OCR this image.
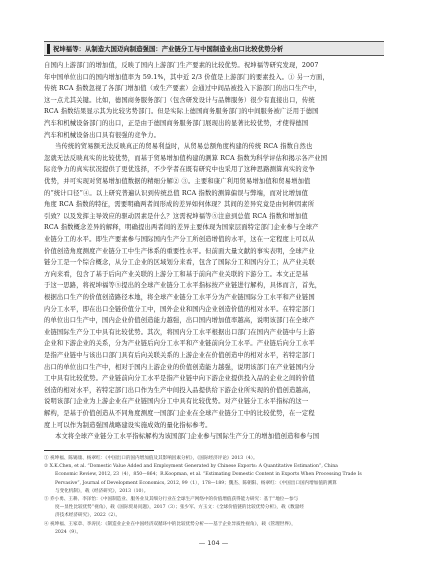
祝坤福等：从制造大国迈向制造强国：产业链分工与中国制造业出口比较优势分析
自国内上游部门的增加值，反映了国内上游部门生产要素的比较优势。祝坤福等研究发现，2007
年中国单位出口的国内增加值率为 59.1%，其中近 2/3 价值是上游部门的要素投入。① 另一方面，
传统 RCA 指数忽视了各部门增加值（或生产要素）会通过中间品被投入下游部门的出口生产中，
这一点尤其关键。比如，德国商务服务部门（包含研发设计与品牌服务）很少有直接出口，传统
RCA 指数结果显示其为比较劣势部门。但是实际上德国商务服务部门的中间服务被广泛用于德国
汽车和机械设备部门的出口，正是由于德国商务服务部门展现出的显著比较优势，才使得德国
汽车和机械设备出口具有很强的竞争力。
当传统的贸易额无法反映真正的贸易利益时，从贸易总额角度构建的传统 RCA 指数自然也
忽就无法反映真实的比较优势，而基于贸易增加值构建的测算 RCA 指数为科学评估和揭示各产业国
际竞争力的真实状况提供了更优选择，不少学者在既有研究中也采用了这种思路测算真实的竞争
优势，并可实现对贸易增加值数据的精细分解② ③。主要和康广利用贸易增加值和贸易增加值
的“统计口径”④。以上研究普遍认识到传统总值 RCA 指数的测算偏误与弊端，而对比增加值
角度 RCA 指数的特征，需要明确两者间形成的差异如何体现？其间的差异究竟是由何种因素所
引致？以及发挥主导效应的驱动因素是什么？这需祝坤福等⑤注意到总值 RCA 指数和增加值
RCA 指数概念差异的解释，明确提出两者间的差异主要体现为国家层面特定部门企业参与全球产
业链分工的水平。即生产要素参与国际国内生产分工所创造增值的水平，这在一定程度上可以从
价值创造角度测度产业链分工中生产体系的重要性水平。但前面大量文献的事实表明，全球产业
链分工是一个综合概念，从分工企业的区域划分来看，包含了国际分工和国内分工；从产业关联
方向来看，包含了基于后向产业关联的上游分工和基于前向产业关联的下游分工。本文正是基
于这一思路，将祝坤福等⑤提出的全球产业链分工水平指标按产业链进行解构，具体而言，首先，
根据出口生产的价值创造路径本地，将全球产业链分工水平分为产业链国际分工水平和产业链国
内分工水平，即在出口全链价值分工中，国外企业和国内企业创造价值的相对水平。在特定部门
的单位出口生产中，国内企业价值创造能力越强，出口国内增加值率越高，说明该部门在全球产
业链国际生产分工中具有比较优势。其次，将国内分工水平根据出口部门在国内产业链中与上游
企业和下游企业的关系，分为产业链后向分工水平和产业链前向分工水平。产业链后向分工水平
是指产业链中与该出口部门具有后向关联关系的上游企业在价值创造中的相对水平，若特定部门
出口的单位出口生产中，相对于国内上游企业的价值创造能力越强，说明该部门在产业链国内分
工中具有比较优势。产业链前向分工水平是指产业链中向下游企业提供投入品的企业之间的价值
创造的相对水平，若特定部门出口作为生产中间投入品提供给下游企业所实现的价值创造越高，
说明该部门企业为上游企业在产业链国内分工中具有比较优势。对产业链分工水平指标的这一
解构，是基于价值创造从不同角度测度一国部门企业在全球产业链分工中的比较优势，在一定程
度上可以作为制造强国战略建设实施成效的量化指标参考。
本文将全球产业链分工水平指标解构为该国部门企业参与国际生产分工的增加值创造和参与国
① 祝坤福、陈锡康、杨翠红：《中国出口的国内增加值及其影响因素分析》，《国际经济评论》2013（4）。
② X.K.Chen, et al. “Domestic Value Added and Employment Generated by Chinese Exports: A Quantitative Estimation”, China
Economic Review, 2012, 23（4），850—864；R.Koopman, et al. “Estimating Domestic Content in Exports When Processing Trade Is
Pervasive”, Journal of Development Economics, 2012, 99（1），178—189；魏杰、陈朝阳、杨翠红：《中国出口国内增加值的测算
与变化机制》，载《经济研究》，2013（10）。
③ 乔小勇、王耕、李泽怡：《中国制造业、服务业及其细分行业在全球生产网络中的价值增值获得能力研究：基于“地位—参与
度—显性比较优势”视角》，载《国际贸易问题》，2017（3）；张少军、方玉文：《全球价值链的比较优势分析》，载《数量经
济技术经济研究》，2022（2）。
④ 祝坤福、王家章、李涛民：《制造业企业在中国经济双循环中的比较优势分析——基于企业异质性视角》，载《管理世界》，
2024（9）。
— 104 —
